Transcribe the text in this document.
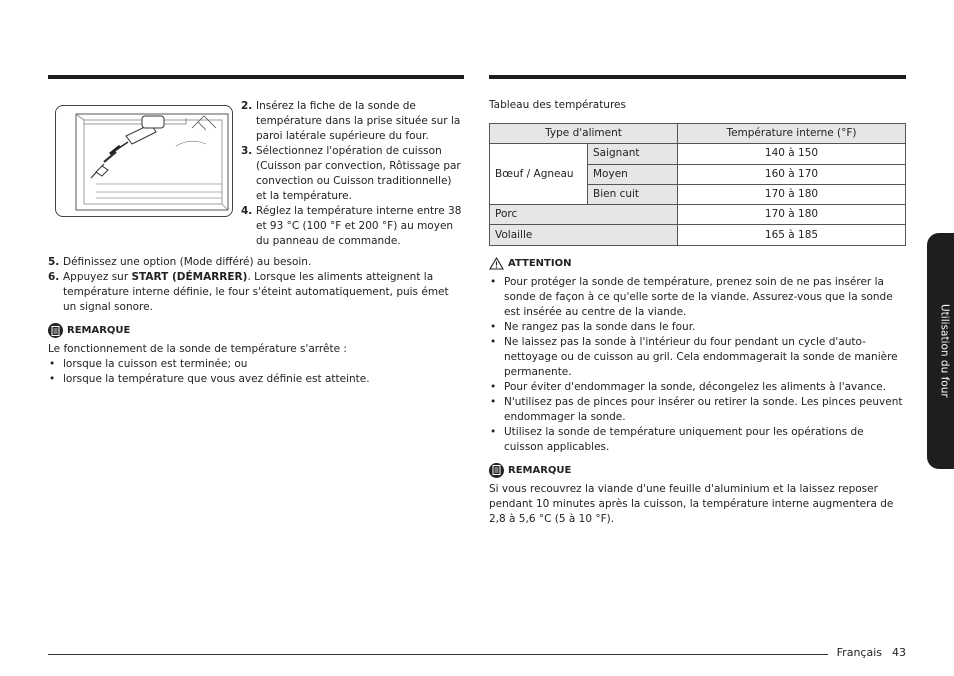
2. Insérez la fiche de la sonde de température dans la prise située sur la paroi latérale supérieure du four.
3. Sélectionnez l'opération de cuisson (Cuisson par convection, Rôtissage par convection ou Cuisson traditionnelle) et la température.
4. Réglez la température interne entre 38 et 93 °C (100 °F et 200 °F) au moyen du panneau de commande.
5. Définissez une option (Mode différé) au besoin.
6. Appuyez sur START (DÉMARRER). Lorsque les aliments atteignent la température interne définie, le four s'éteint automatiquement, puis émet un signal sonore.
REMARQUE
Le fonctionnement de la sonde de température s'arrête :
• lorsque la cuisson est terminée; ou
• lorsque la température que vous avez définie est atteinte.
Tableau des températures
Type d'aliment		Température interne (°F)
Bœuf / Agneau	Saignant	140 à 150
	Moyen	160 à 170
	Bien cuit	170 à 180
Porc		170 à 180
Volaille		165 à 185
ATTENTION
• Pour protéger la sonde de température, prenez soin de ne pas insérer la sonde de façon à ce qu'elle sorte de la viande. Assurez-vous que la sonde est insérée au centre de la viande.
• Ne rangez pas la sonde dans le four.
• Ne laissez pas la sonde à l'intérieur du four pendant un cycle d'auto-nettoyage ou de cuisson au gril. Cela endommagerait la sonde de manière permanente.
• Pour éviter d'endommager la sonde, décongelez les aliments à l'avance.
• N'utilisez pas de pinces pour insérer ou retirer la sonde. Les pinces peuvent endommager la sonde.
• Utilisez la sonde de température uniquement pour les opérations de cuisson applicables.
REMARQUE
Si vous recouvrez la viande d'une feuille d'aluminium et la laissez reposer pendant 10 minutes après la cuisson, la température interne augmentera de 2,8 à 5,6 °C (5 à 10 °F).
Utilisation du four
Français 43
